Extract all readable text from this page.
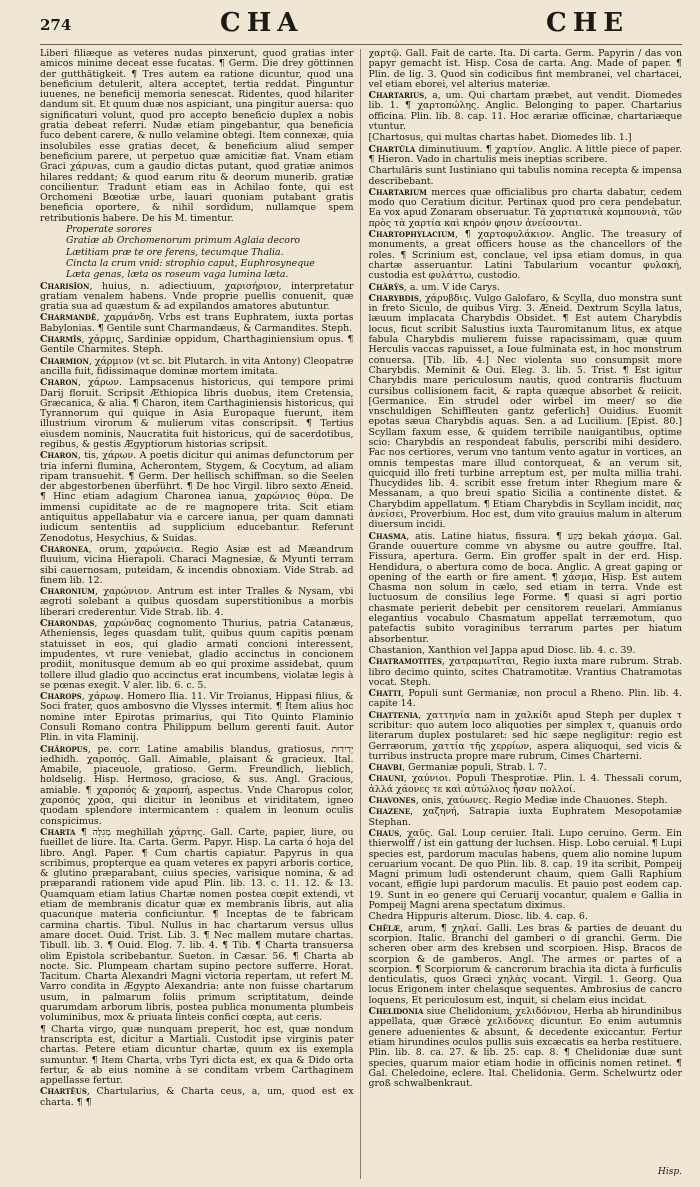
274	CHA	CHE

Liberi filiæque as veteres nudas pinxerunt, quod gratias inter amicos minime deceat esse fucatas. ¶ Germ. Die drey göttinnen der gutthätigkeit. ¶ Tres autem ea ratione dicuntur, quod una beneficium detulerit, altera acceptet, tertia reddat. Pinguntur iuuenes, ne beneficij memoria senescat. Ridentes, quod hilariter dandum sit. Et quum duæ nos aspiciant, una pingitur auersa: quo significaturi volunt, quod pro accepto beneficio duplex a nobis gratia debeat referri. Nudæ etiam pingebantur, qua beneficia fuco debent carere, & nullo velamine obtegi. Item connexæ, quia insolubiles esse gratias decet, & beneficium aliud semper beneficium parere, ut perpetuo quæ amicitiæ fiat. Vnam etiam Graci χάρινas, cum a gaudio dictas putant, quod gratiæ animos hilares reddant; & quod earum ritu & deorum munerib. gratiæ concilientur. Tradunt etiam eas in Achilao fonte, qui est Orchomeni Bœotiæ urbe, lauari quoniam putabant gratis beneficia oportere, & nihil sordidum, nullamque spem retributionis habere. De his M. timentur.

Properate sorores

Gratiæ ab Orchomenorum primum Aglaia decoro

Lætitiam præ te ore ferens, tecumque Thalia.

Cincta la crum vnid: strophio caput, Euphrosyneque

Læta genas, læta os roseum vaga lumina læta.

Charisīon, huius, n. adiectiuum, χαρισήριον, interpretatur gratiam venalem habens. Vnde proprie puellis conuenit, quæ gratia sua ad quæstum & ad expilandos amatores abutuntur.

Charmandē, χαρμάνδη. Vrbs est trans Euphratem, iuxta portas Babylonias. ¶ Gentile sunt Charmandæus, & Carmandites. Steph.

Charmīs, χάρμις, Sardiniæ oppidum, Charthaginiensium opus. ¶ Gentile Charmites. Steph.

Charmion, χάρμιον (vt sc. bit Plutarch. in vita Antony) Cleopatræ ancilla fuit, fidissimaque dominæ mortem imitata.

Charon, χάρων. Lampsacenus historicus, qui tempore primi Darij floruit. Scripsit Æthiopica libris duobus, item Cretensia, Græcanica, & alia. ¶ Charon, item Carthaginiensis historicus, qui Tyrannorum qui quique in Asia Europaque fuerunt, item illustrium virorum & mulierum vitas conscripsit. ¶ Tertius eiusdem nominis, Naucratita fuit historicus, qui de sacerdotibus, regibus, & gestis Ægyptiorum historias scripsit.

Charon, tis, χάρων. A poetis dicitur qui animas defunctorum per tria inferni flumina, Acherontem, Stygem, & Cocytum, ad aliam ripam transuehit. ¶ Germ. Der hellisch schiffman. so die Seelen der abgestorbenen überführt. ¶ De hoc Virgil. libro sexto Æneid. ¶ Hinc etiam adagium Charonea ianua, χαρώνιος θύρα. De immensi cupiditate ac de re magnopere trita. Scit etiam antiquitus appellabatur via e carcere ianua, per quam damnati iudicum sententiis ad supplicium educebantur. Referunt Zenodotus, Hesychius, & Suidas.

Charonea, orum, χαρώνεια. Regio Asiæ est ad Mæandrum fluuium, vicina Hierapoli. Characi Magnesiæ, & Myunti terram sibi cauernosam, puteidam, & incendis obnoxiam. Vide Strab. ad finem lib. 12.

Charonium, χαρώνιον. Antrum est inter Tralles & Nysam, vbi ægroti solebant a quibus quosdam superstitionibus a morbis liberari crederentur. Vide Strab. lib. 4.

Charondas, χαρώνδας cognomento Thurius, patria Catanæus, Atheniensis, leges quasdam tulit, quibus quum capitis pœnam statuisset in eos, qui gladio armati concioni interessent, impudentes, vt rure veniebat, gladio accinctus in concionem prodiit, monitusque demum ab eo qui proxime assidebat, quum tollere illud gladio quo accinctus erat incumbens, violatæ legis à se pœnas exegit. V aler. lib. 6. c. 5.

Charops, χάρωψ. Homero Ilia. 11. Vir Troianus, Hippasi filius, & Soci frater, quos ambosvno die Vlysses intermit. ¶ Item alius hoc nomine inter Epirotas primarius, qui Tito Quinto Flaminio Consuli Romano contra Philippum bellum gerenti fauit. Autor Plin. in vita Flaminij.

Chăropus, pe. corr. Latine amabilis blandus, gratiosus, יְדִידוּת iedhidh. χαροπός. Gall. Aimable, plaisant & gracieux. Ital. Amabile, piaceuole, gratioso. Germ. Freundlich, lieblich, holdselig. Hisp. Hermoso, gracioso, & sus. Angl. Gracious, amiable. ¶ χαροπός & χαροπή, aspectus. Vnde Charopus color, χαροπός χρόα, qui dicitur in leonibus et viriditatem, igneo quodam splendore intermicantem : qualem in leonum oculis conspicimus.

Charta ¶ מְגִלָּה meghillah χάρτης. Gall. Carte, papier, liure, ou fueillet de liure. Ita. Carta. Germ. Papyr. Hisp. La carta ó hoja del libro. Angl. Paper. ¶ Cum chartis capiatur. Papyrus in qua scribimus, propterque ea quam veteres ex papyri arboris cortice, & glutino præparabant, cuius species, varisique nomina, & ad præparandi rationem vide apud Plin. lib. 13. c. 11. 12. & 13. Quamquam etiam latius Chartæ nomen postea cœpit extendi, vt etiam de membranis dicatur quæ ex membranis libris, aut alia quacunque materia conficiuntur. ¶ Inceptas de te fabricam carmina chartis. Tibul. Nullus in hac chartarum versus ullus amare docet. Ouid. Trist. Lib. 3. ¶ Nec mallem mutare chartas. Tibull. lib. 3. ¶ Ouid. Elog. 7. lib. 4. ¶ Tib. ¶ Charta transuersa olim Epistola scribebantur. Sueton. in Cæsar. 56. ¶ Charta ab nocte. Sic. Plumpeam chartam supino pectore sufferre. Horat. Tacitum. Charta Alexandri Magni victoria repertam, ut refert M. Varro condita in Ægypto Alexandria: ante non fuisse chartarum usum, in palmarum foliis primum scriptitatum, deinde quarumdam arborum libris, postea publica monumenta plumbeis voluminibus, mox & priuata linteis confici cœpta, aut ceris.

¶ Charta virgo, quæ nunquam preperit, hoc est, quæ nondum transcripta est, dicitur a Martiali. Custodit ipse virginis pater chartas. Petere etiam dicuntur chartæ, quum ex iis exempla sumuntur. ¶ Item Charta, vrbs Tyri dicta est, ex qua & Dido orta fertur, & ab eius nomine à se conditam vrbem Carthaginem appellasse fertur.

Chartēus, Chartularius, & Charta ceus, a, um, quod est ex charta. ¶ ¶

χαρτῷ. Gall. Fait de carte. Ita. Di carta. Germ. Papyrin / das von papyr gemacht ist. Hisp. Cosa de carta. Ang. Made of paper. ¶ Plin. de lig. 3. Quod sin codicibus fint membranei, vel chartacei, vel etiam eborei, vel alterius materiæ.

Chartarius, a, um. Qui chartam præbet, aut vendit. Diomedes lib. 1. ¶ χαρτοπώλης. Anglic. Belonging to paper. Chartarius officina. Plin. lib. 8. cap. 11. Hoc ærariæ officinæ, chartariæque vtuntur.

[Chartosus, qui multas chartas habet. Diomedes lib. 1.]

Chartūla diminutiuum. ¶ χαρτίον. Anglic. A little piece of paper. ¶ Hieron. Vado in chartulis meis ineptias scribere.

Chartulāris sunt Iustiniano qui tabulis nomina recepta & impensa describebant.

Chartarium merces quæ officialibus pro charta dabatur, cedem modo quo Ceratium dicitur. Pertinax quod pro cera pendebatur. Ea vox apud Zonaram obseruatur. Τὰ χαρτιατικὰ κομπουνιὰ, τῶν πρὸς τὰ χαρτία καὶ κηρόν φησιν ἀνείσονται.

Chartophylacium, ¶ χαρτοφυλάκιον. Anglic. The treasury of monuments, a great officers house as the chancellors of the roles. ¶ Scrinium est, conclaue, vel ipsa etiam domus, in qua chartæ asseruantur. Latini Tabularium vocantur φυλακή, custodia est φυλάττω, custodio.

Chărŷs, a. um. V ide Carys.

Charybdis, χάρυβδις. Vulgo Galofaro, & Scylla, duo monstra sunt in freto Siculo, de quibus Virg. 3. Æneid. Dextrum Scylla latus, læuum implacata Charybdis Obsidet. ¶ Est autem Charybdis locus, ficut scribit Salustius iuxta Tauromitanum litus, ex atque fabula Charybdis mulierem fuisse rapacissimam, quæ quum Herculis vaccas rapuisset, a Ioue fulminata est, in hoc monstrum conuersa. [Tib. lib. 4.] Nec violenta suo consumpsit more Charybdis. Meminit & Oui. Eleg. 3. lib. 5. Trist. ¶ Est igitur Charybdis mare periculosum nautis, quod contrariis fluctuum cursibus collisionem facit, & rapta quæque absorbet & reiicit. [Germanice. Ein strudel oder wirbel im meer/ so die vnschuldigen Schiffleuten gantz geferlich] Ouidius. Euomit epotas sæua Charybdis aquas. Sen. a ad Lucilium. [Epist. 80.] Scyllam faxum esse, & quidem terribile nauigantibus, optime scio: Charybdis an respondeat fabulis, perscribi mihi desidero. Fac nos certiores, verum vno tantum vento agatur in vortices, an omnis tempestas mare illud contorqueat, & an verum sit, quicquid illo freti turbine arreptum est, per multa millia trahi. Thucydides lib. 4. scribit esse fretum inter Rhegium mare & Messanam, a quo breui spatio Sicilia a continente distet. & Charybdim appellatum. ¶ Etiam Charybdis in Scyllam incidit, πας ἀνείσει, Proverbium. Hoc est, dum vito grauius malum in alterum diuersum incidi.

Chasma, atis. Latine hiatus, fissura. ¶ בֶּקַע bekah χάσμα. Gal. Grande ouuerture comme vn abysme ou autre gouffre. Ital. Fissura, apertura. Germ. Ein groffer spalt in der erd. Hisp. Hendidura, o abertura como de boca. Anglic. A great gaping or opening of the earth or fire ament. ¶ χάσμα, Hisp. Est autem Chasma non solum in cælo, sed etiam in terra. Vnde est luctuosum de consilius lege Forme. ¶ quasi si agri portio chasmate perierit debebit per censitorem reuelari. Ammianus elegantius vocabulo Chasmatum appellat terræmotum, quo patefactis subito voraginibus terrarum partes per hiatum absorbentur.

Chastanion, Xanthion vel Jappa apud Diosc. lib. 4. c. 39.

Chatramotites, χατραμωτῖται, Regio iuxta mare rubrum. Strab. libro decimo quinto, scites Chatramotitæ. Vrantius Chatramotas vocat. Steph.

Chatti, Populi sunt Germaniæ, non procul a Rheno. Plin. lib. 4. capite 14.

Chattenia, χαττηνία nam in χαλκίδι apud Steph per duplex τ scribitur: quo autem loco aliquoties per simplex τ, quanuis ordo literarum duplex postularet: sed hic sæpe negligitur: regio est Gerræorum, χαττία τῆς χερρίων, aspera aliquoqui, sed vicis & turribus instructa propre mare rubrum, Cimes Charterni.

Chavbi, Germaniæ populi, Strab. l. 7.

Chauni, χαύνιοι. Populi Thesprotiæ. Plin. l. 4. Thessali corum, ἀλλά χάονες τε καὶ αὐτώλιος ἦσαν πολλοί.

Chavones, onis, χαύωνες. Regio Mediæ inde Chauones. Steph.

Chazene, χαζηνή, Satrapia iuxta Euphratem Mesopotamiæ Stephan.

Chaus, χαῦς. Gal. Loup ceruier. Itali. Lupo ceruino. Germ. Ein thierwolff / ist ein gattung der luchsen. Hisp. Lobo ceruial. ¶ Lupi species est, pardorum maculas habens, quem alio nomine lupum ceruarium vocant. De quo Plin. lib. 8. cap. 19 ita scribit, Pompeij Magni primum ludi ostenderunt chaum, quem Galli Raphium vocant, effigie lupi pardorum maculis. Et pauio post eodem cap. 19. Sunt in eo genere qui Ceruarij vocantur, qualem e Gallia in Pompeij Magni arena spectatum diximus.

Chedra Hippuris alterum. Diosc. lib. 4. cap. 6.

Chēlæ, arum, ¶ χηλαί. Galli. Les bras & parties de deuant du scorpion. Italic. Branchi del gamberi o di granchi. Germ. Die scheren ober arm des krebsen und scorpioen. Hisp. Bracos de scorpion & de gamberos. Angl. The armes or partes of a scorpion. ¶ Scorpiorum & cancrorum brachia ita dicta à furficulis denticulatis, quos Græci χηλὰς vocant. Virgil. 1. Georg. Qua locus Erigonem inter chelasque sequentes. Ambrosius de cancro loquens, Et periculosum est, inquit, si chelam eius incidat.

Chelidonia siue Chelidonium, χελιδόνιον, Herba ab hirundinibus appellata, quæ Græcè χελιδόνες dicuntur. Eo enim autumnis genere aduenientes & absunt, & decedente exiccantur. Fertur etiam hirundines oculos pullis suis excæcatis ea herba restituere. Plin. lib. 8. ca. 27. & lib. 25. cap. 8. ¶ Chelidoniæ duæ sunt species, quarum maior etiam hodie in officinis nomen retinet. ¶ Gal. Cheledoine, eclere. Ital. Chelidonia. Germ. Schelwurtz oder groß schwalbenkraut.

Hisp.
